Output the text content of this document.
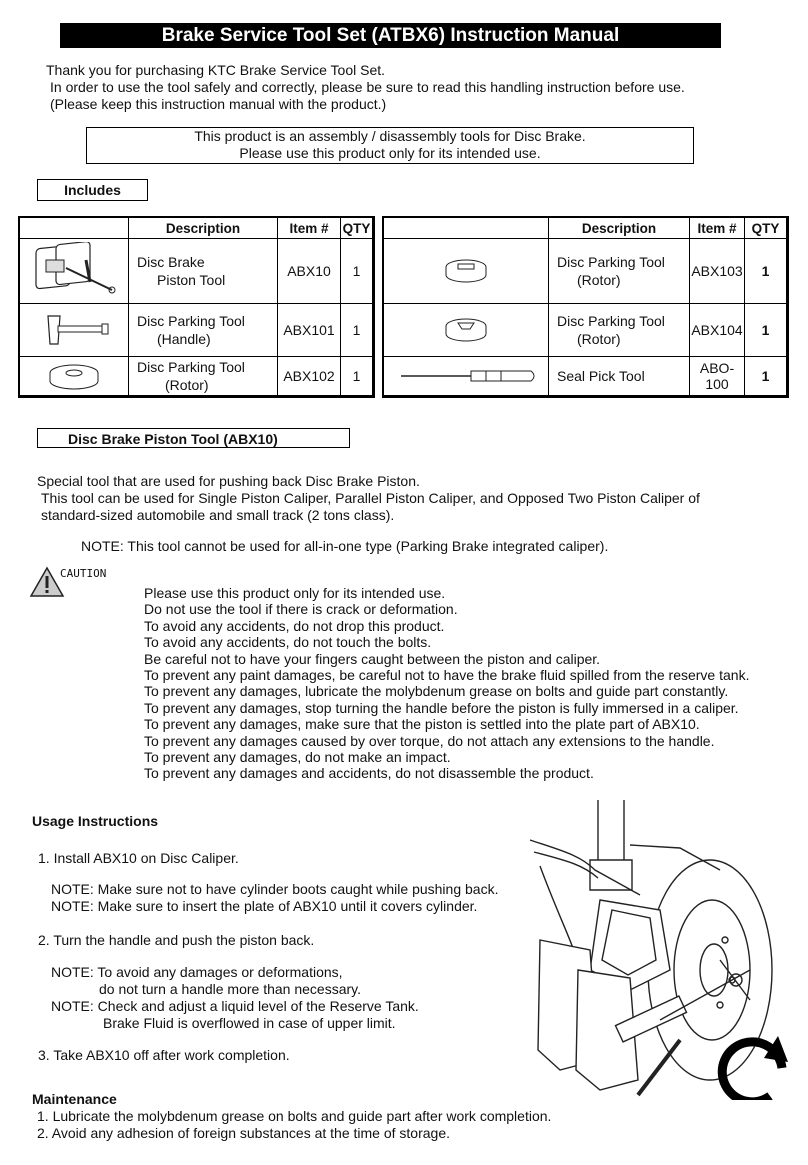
Brake Service Tool Set (ATBX6) Instruction Manual
Thank you for purchasing KTC Brake Service Tool Set.
In order to use the tool safely and correctly, please be sure to read this handling instruction before use.
(Please keep this instruction manual with the product.)
This product is an assembly / disassembly tools for Disc Brake.
Please use this product only for its intended use.
Includes
	Description	Item #	QTY

Disc Brake
Piston Tool	ABX10	1

Disc Parking Tool
(Handle)	ABX101	1

Disc Parking Tool
(Rotor)	ABX102	1
	Description	Item #	QTY

Disc Parking Tool
(Rotor)	ABX103	1

Disc Parking Tool
(Rotor)	ABX104	1

Seal Pick Tool	ABO-100	1
Disc Brake Piston Tool (ABX10)
Special tool that are used for pushing back Disc Brake Piston.
This tool can be used for Single Piston Caliper, Parallel Piston Caliper, and Opposed Two Piston Caliper of
standard-sized automobile and small track (2 tons class).
NOTE: This tool cannot be used for all-in-one type (Parking Brake integrated caliper).
CAUTION
Please use this product only for its intended use.
Do not use the tool if there is crack or deformation.
To avoid any accidents, do not drop this product.
To avoid any accidents, do not touch the bolts.
Be careful not to have your fingers caught between the piston and caliper.
To prevent any paint damages, be careful not to have the brake fluid spilled from the reserve tank.
To prevent any damages, lubricate the molybdenum grease on bolts and guide part constantly.
To prevent any damages, stop turning the handle before the piston is fully immersed in a caliper.
To prevent any damages, make sure that the piston is settled into the plate part of ABX10.
To prevent any damages caused by over torque, do not attach any extensions to the handle.
To prevent any damages, do not make an impact.
To prevent any damages and accidents, do not disassemble the product.
Usage Instructions
1. Install ABX10 on Disc Caliper.
NOTE: Make sure not to have cylinder boots caught while pushing back.
NOTE: Make sure to insert the plate of ABX10 until it covers cylinder.
2. Turn the handle and push the piston back.
NOTE: To avoid any damages or deformations,
do not turn a handle more than necessary.
NOTE: Check and adjust a liquid level of the Reserve Tank.
Brake Fluid is overflowed in case of upper limit.
3. Take ABX10 off after work completion.
Maintenance
1. Lubricate the molybdenum grease on bolts and guide part after work completion.
2. Avoid any adhesion of foreign substances at the time of storage.
